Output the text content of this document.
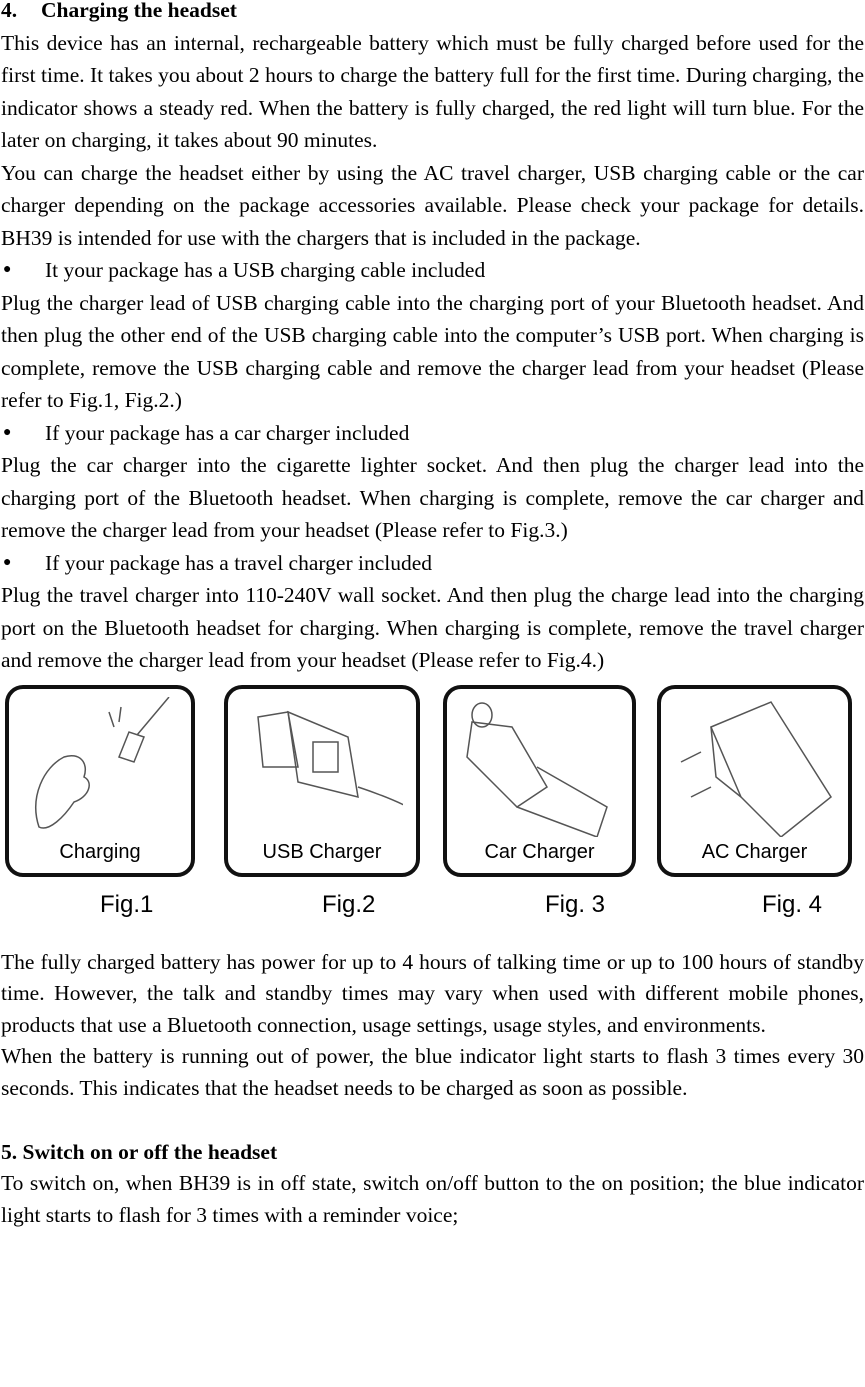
4. Charging the headset

This device has an internal, rechargeable battery which must be fully charged before used for the first time. It takes you about 2 hours to charge the battery full for the first time. During charging, the indicator shows a steady red. When the battery is fully charged, the red light will turn blue. For the later on charging, it takes about 90 minutes.

You can charge the headset either by using the AC travel charger, USB charging cable or the car charger depending on the package accessories available. Please check your package for details. BH39 is intended for use with the chargers that is included in the package.

●	It your package has a USB charging cable included

Plug the charger lead of USB charging cable into the charging port of your Bluetooth headset. And then plug the other end of the USB charging cable into the computer’s USB port. When charging is complete, remove the USB charging cable and remove the charger lead from your headset (Please refer to Fig.1, Fig.2.)

●	If your package has a car charger included

Plug the car charger into the cigarette lighter socket. And then plug the charger lead into the charging port of the Bluetooth headset. When charging is complete, remove the car charger and remove the charger lead from your headset (Please refer to Fig.3.)

●	If your package has a travel charger included

Plug the travel charger into 110-240V wall socket. And then plug the charge lead into the charging port on the Bluetooth headset for charging. When charging is complete, remove the travel charger and remove the charger lead from your headset (Please refer to Fig.4.)

Charging	USB Charger	Car Charger	AC Charger
Fig.1	Fig.2	Fig. 3	Fig. 4

The fully charged battery has power for up to 4 hours of talking time or up to 100 hours of standby time. However, the talk and standby times may vary when used with different mobile phones, products that use a Bluetooth connection, usage settings, usage styles, and environments.

When the battery is running out of power, the blue indicator light starts to flash 3 times every 30 seconds. This indicates that the headset needs to be charged as soon as possible.

5. Switch on or off the headset

To switch on, when BH39 is in off state, switch on/off button to the on position; the blue indicator light starts to flash for 3 times with a reminder voice;
